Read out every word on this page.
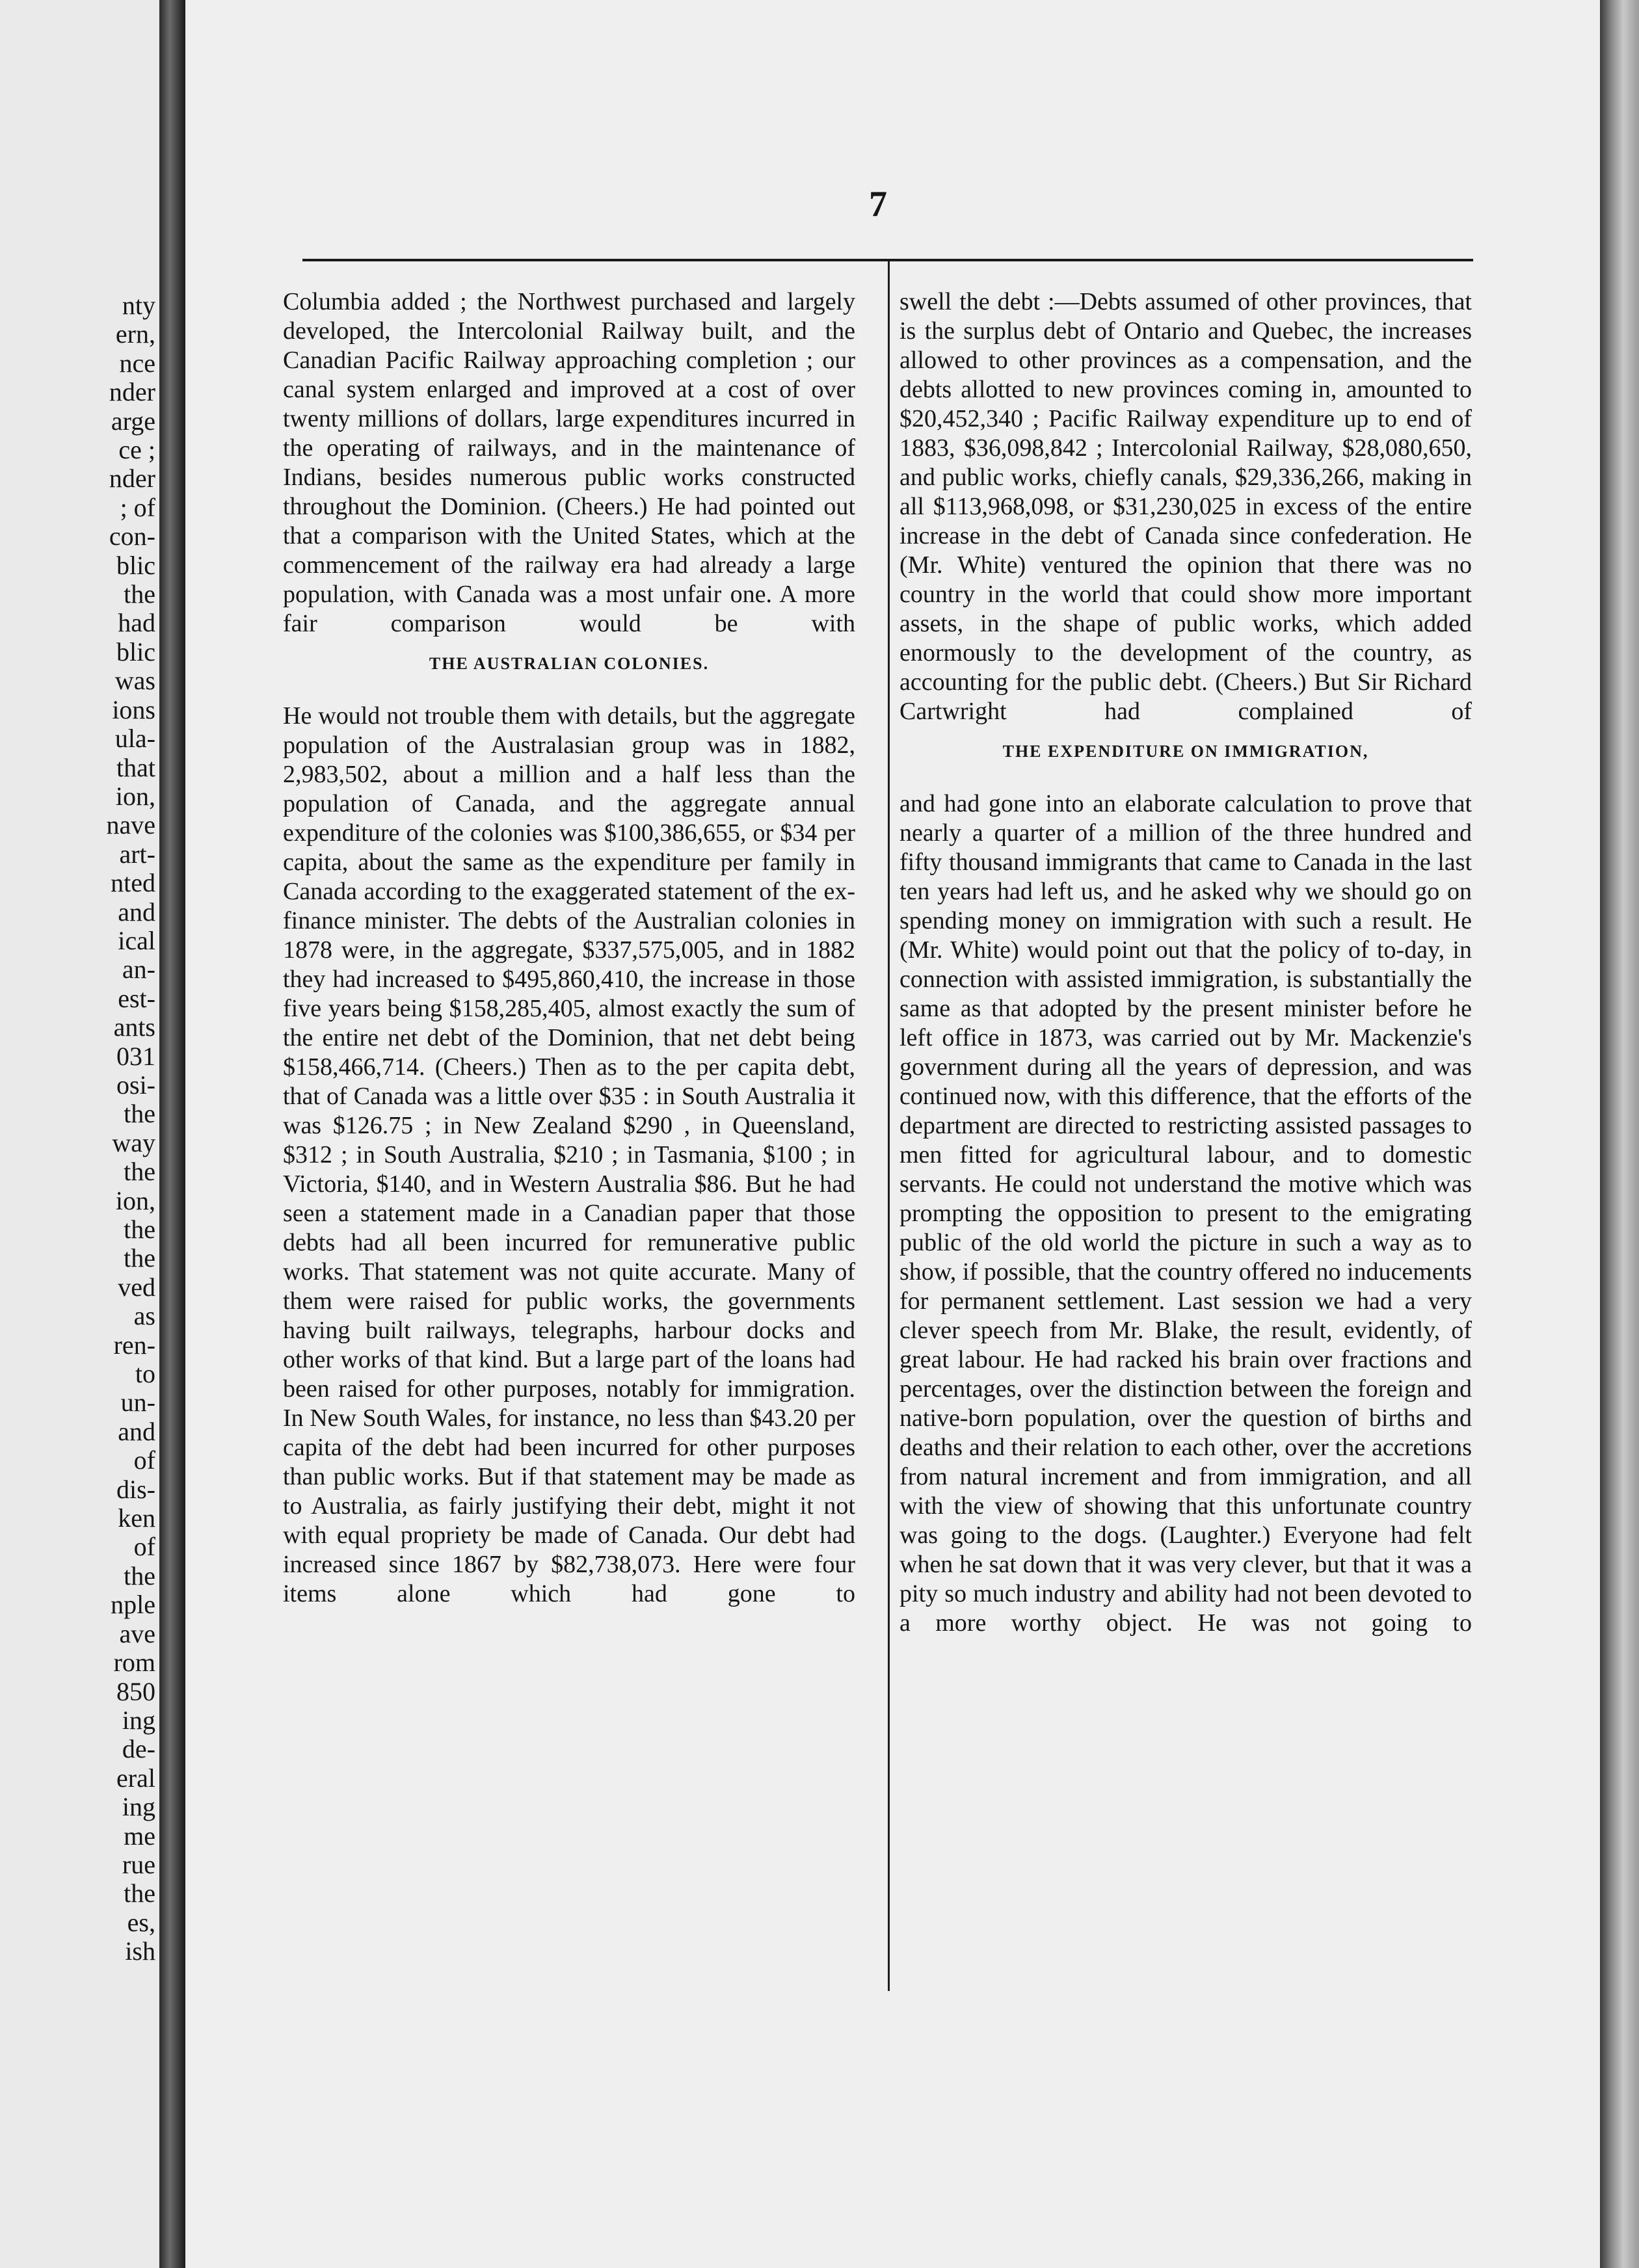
nty
ern,
nce
nder
arge
ce ;
nder
; of
con-
blic
the
had
blic
was
ions
ula-
that
ion,
nave
art-
nted
and
ical
an-
est-
ants
031
osi-
the
way
the
ion,
the
the
ved
as
ren-
to
un-
and
of
dis-
ken
of
the
nple
ave
rom
850
ing
de-
eral
ing
me
rue
the
es,
ish
7

Columbia added ; the Northwest purchased and largely developed, the Intercolonial Railway built, and the Canadian Pacific Railway approaching completion ; our canal system enlarged and improved at a cost of over twenty millions of dollars, large expenditures incurred in the operating of railways, and in the maintenance of Indians, besides numerous public works constructed throughout the Dominion. (Cheers.) He had pointed out that a comparison with the United States, which at the commencement of the railway era had already a large population, with Canada was a most unfair one. A more fair comparison would be with

THE AUSTRALIAN COLONIES.

He would not trouble them with details, but the aggregate population of the Australasian group was in 1882, 2,983,502, about a million and a half less than the population of Canada, and the aggregate annual expenditure of the colonies was $100,386,655, or $34 per capita, about the same as the expenditure per family in Canada according to the exaggerated statement of the ex-finance minister. The debts of the Australian colonies in 1878 were, in the aggregate, $337,575,005, and in 1882 they had increased to $495,860,410, the increase in those five years being $158,285,405, almost exactly the sum of the entire net debt of the Dominion, that net debt being $158,466,714. (Cheers.) Then as to the per capita debt, that of Canada was a little over $35 : in South Australia it was $126.75 ; in New Zealand $290 , in Queensland, $312 ; in South Australia, $210 ; in Tasmania, $100 ; in Victoria, $140, and in Western Australia $86. But he had seen a statement made in a Canadian paper that those debts had all been incurred for remunerative public works. That statement was not quite accurate. Many of them were raised for public works, the governments having built railways, telegraphs, harbour docks and other works of that kind. But a large part of the loans had been raised for other purposes, notably for immigration. In New South Wales, for instance, no less than $43.20 per capita of the debt had been incurred for other purposes than public works. But if that statement may be made as to Australia, as fairly justifying their debt, might it not with equal propriety be made of Canada. Our debt had increased since 1867 by $82,738,073. Here were four items alone which had gone to

swell the debt :—Debts assumed of other provinces, that is the surplus debt of Ontario and Quebec, the increases allowed to other provinces as a compensation, and the debts allotted to new provinces coming in, amounted to $20,452,340 ; Pacific Railway expenditure up to end of 1883, $36,098,842 ; Intercolonial Railway, $28,080,650, and public works, chiefly canals, $29,336,266, making in all $113,968,098, or $31,230,025 in excess of the entire increase in the debt of Canada since confederation. He (Mr. White) ventured the opinion that there was no country in the world that could show more important assets, in the shape of public works, which added enormously to the development of the country, as accounting for the public debt. (Cheers.) But Sir Richard Cartwright had complained of

THE EXPENDITURE ON IMMIGRATION,

and had gone into an elaborate calculation to prove that nearly a quarter of a million of the three hundred and fifty thousand immigrants that came to Canada in the last ten years had left us, and he asked why we should go on spending money on immigration with such a result. He (Mr. White) would point out that the policy of to-day, in connection with assisted immigration, is substantially the same as that adopted by the present minister before he left office in 1873, was carried out by Mr. Mackenzie's government during all the years of depression, and was continued now, with this difference, that the efforts of the department are directed to restricting assisted passages to men fitted for agricultural labour, and to domestic servants. He could not understand the motive which was prompting the opposition to present to the emigrating public of the old world the picture in such a way as to show, if possible, that the country offered no inducements for permanent settlement. Last session we had a very clever speech from Mr. Blake, the result, evidently, of great labour. He had racked his brain over fractions and percentages, over the distinction between the foreign and native-born population, over the question of births and deaths and their relation to each other, over the accretions from natural increment and from immigration, and all with the view of showing that this unfortunate country was going to the dogs. (Laughter.) Everyone had felt when he sat down that it was very clever, but that it was a pity so much industry and ability had not been devoted to a more worthy object. He was not going to
